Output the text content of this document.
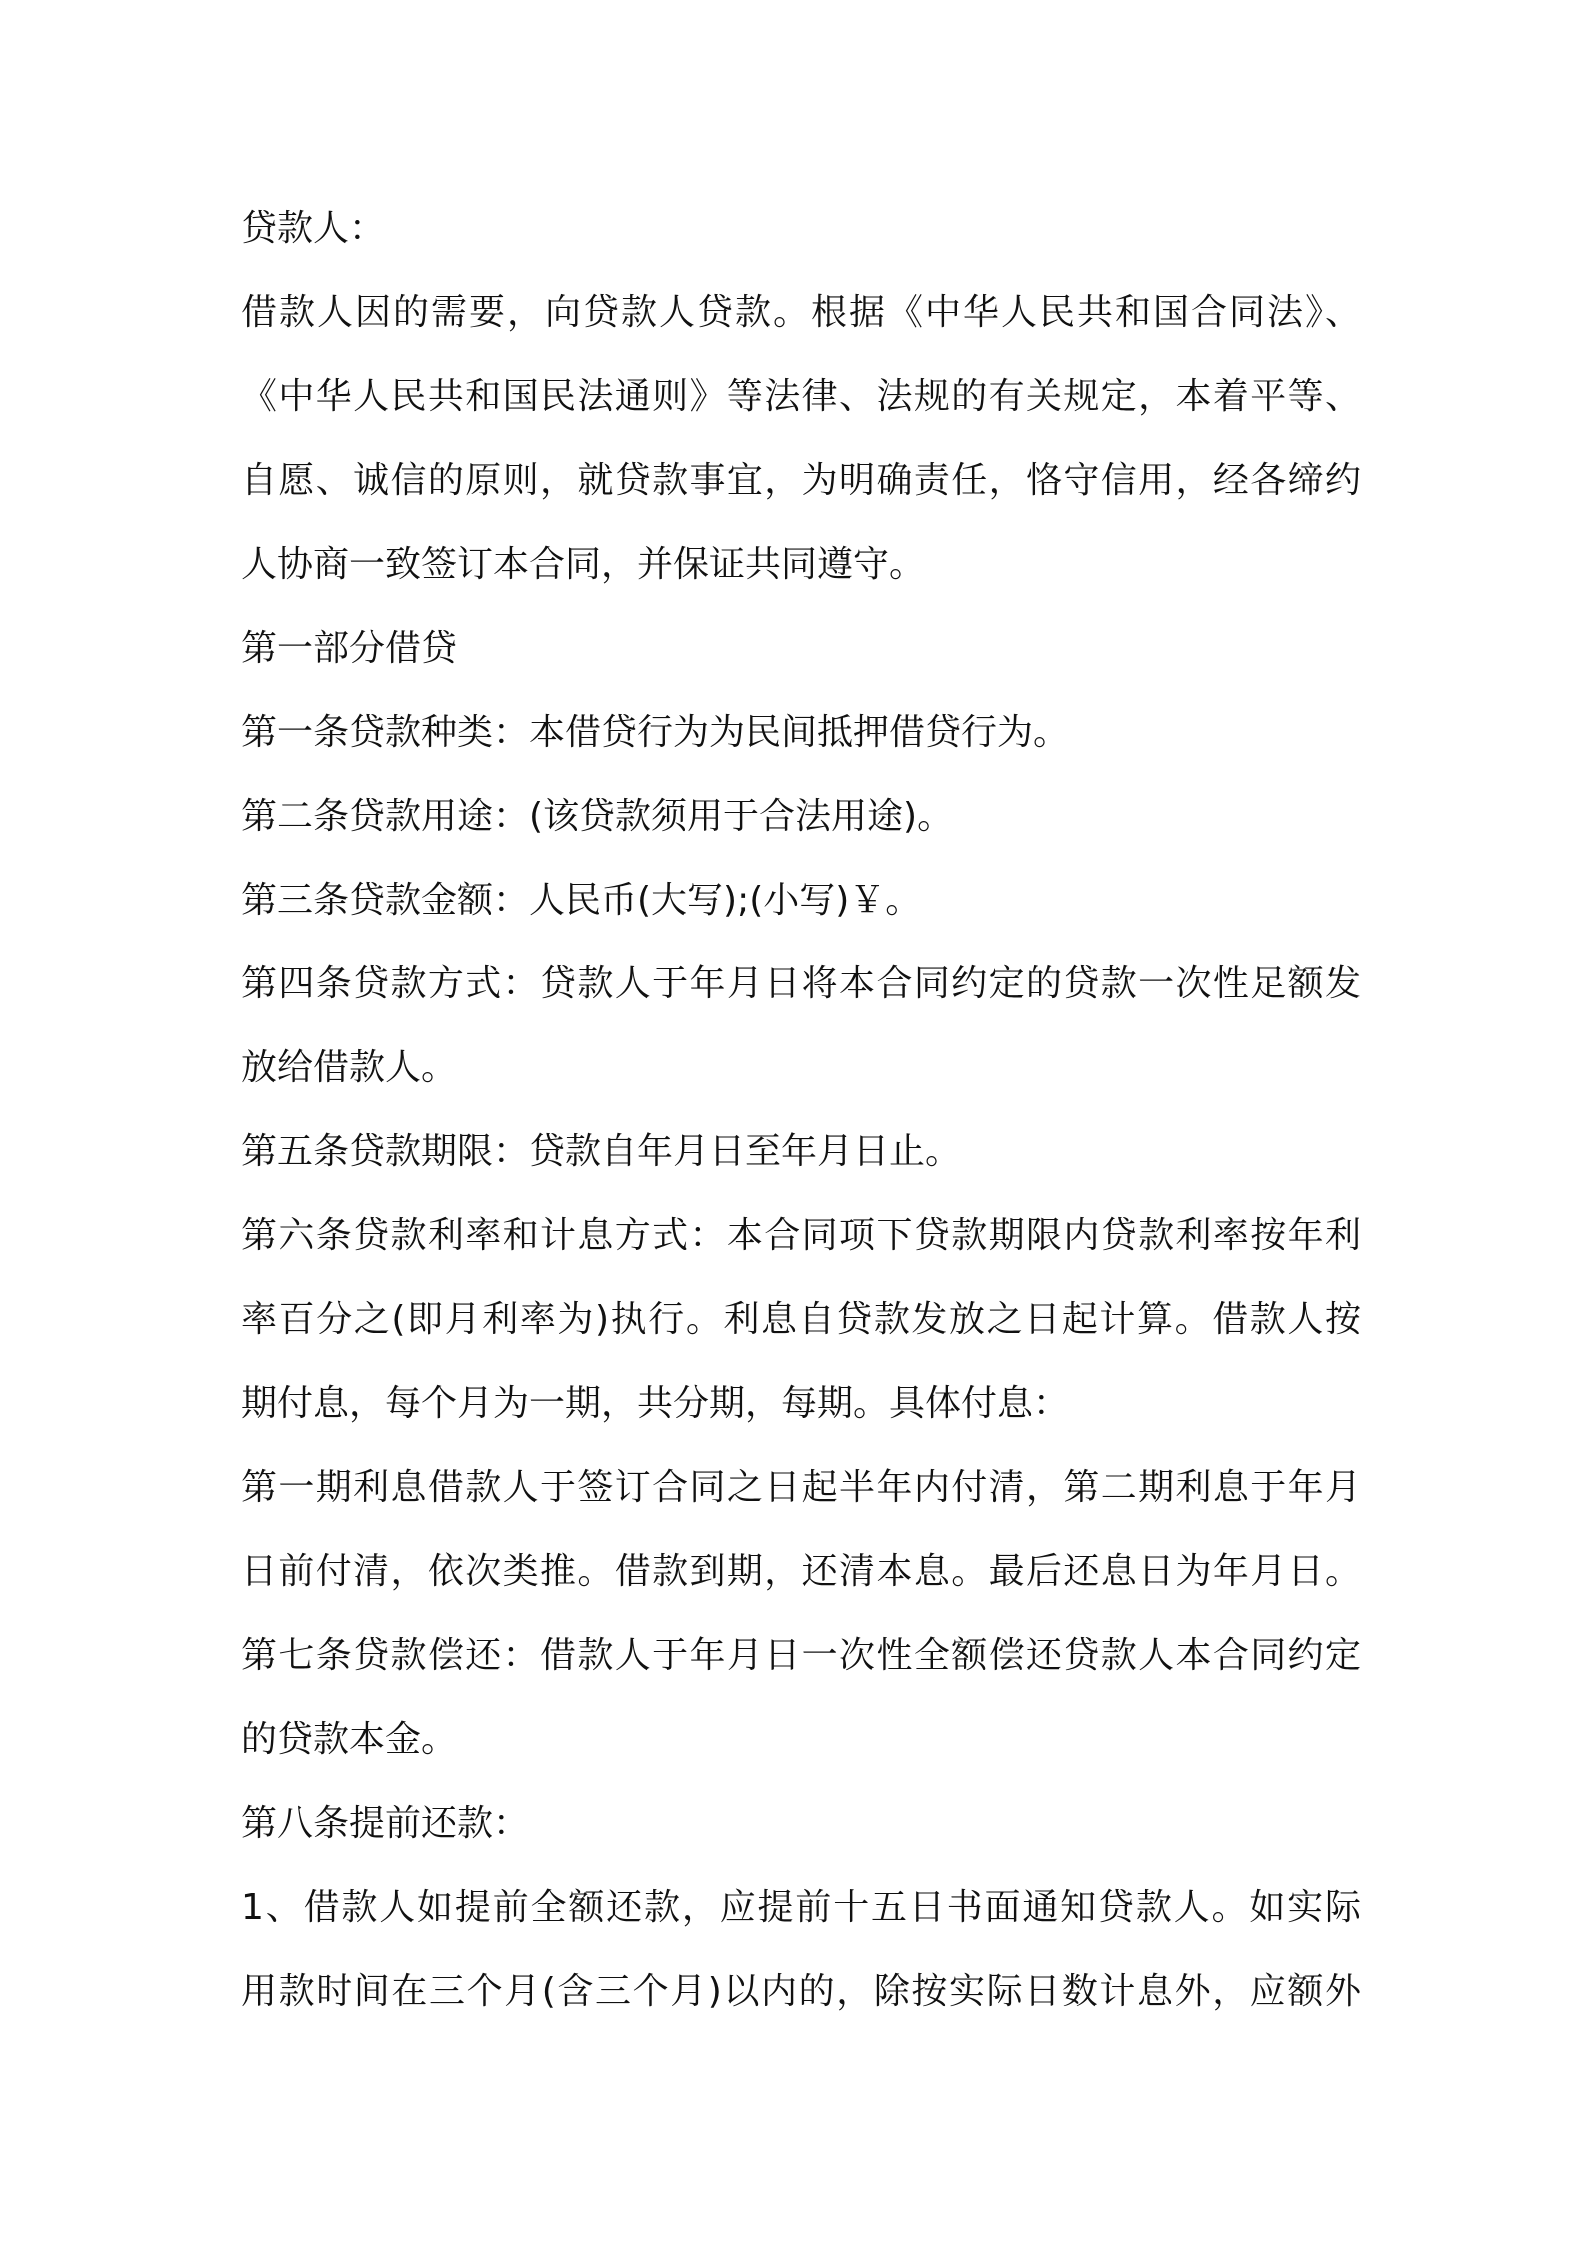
贷款人：
借款人因的需要，向贷款人贷款。根据《中华人民共和国合同法》、
《中华人民共和国民法通则》等法律、法规的有关规定，本着平等、
自愿、诚信的原则，就贷款事宜，为明确责任，恪守信用，经各缔约
人协商一致签订本合同，并保证共同遵守。
第一部分借贷
第一条贷款种类：本借贷行为为民间抵押借贷行为。
第二条贷款用途：(该贷款须用于合法用途)。
第三条贷款金额：人民币(大写);(小写)￥。
第四条贷款方式：贷款人于年月日将本合同约定的贷款一次性足额发
放给借款人。
第五条贷款期限：贷款自年月日至年月日止。
第六条贷款利率和计息方式：本合同项下贷款期限内贷款利率按年利
率百分之(即月利率为)执行。利息自贷款发放之日起计算。借款人按
期付息，每个月为一期，共分期，每期。具体付息：
第一期利息借款人于签订合同之日起半年内付清，第二期利息于年月
日前付清，依次类推。借款到期，还清本息。最后还息日为年月日。
第七条贷款偿还：借款人于年月日一次性全额偿还贷款人本合同约定
的贷款本金。
第八条提前还款：
1、借款人如提前全额还款，应提前十五日书面通知贷款人。如实际
用款时间在三个月(含三个月)以内的，除按实际日数计息外，应额外
